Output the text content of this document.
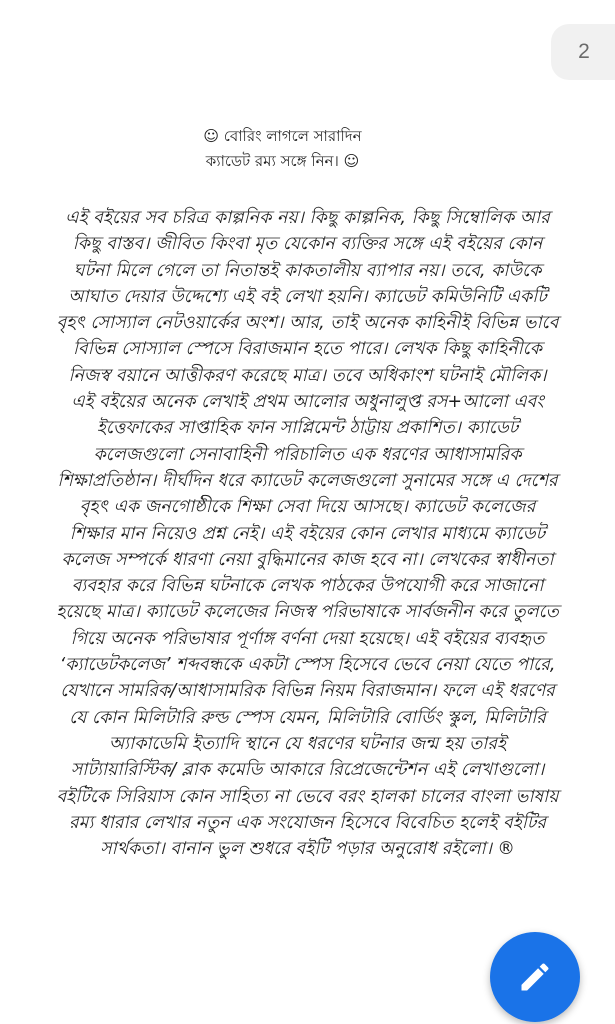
2
☺ বোরিং লাগলে সারাদিন
ক্যাডেট রম্য সঙ্গে নিন। ☺
এই বইয়ের সব চরিত্র কাল্পনিক নয়। কিছু কাল্পনিক, কিছু সিম্বোলিক আর
কিছু বাস্তব। জীবিত কিংবা মৃত যেকোন ব্যক্তির সঙ্গে এই বইয়ের কোন
ঘটনা মিলে গেলে তা নিতান্তই কাকতালীয় ব্যাপার নয়। তবে, কাউকে
আঘাত দেয়ার উদ্দেশ্যে এই বই লেখা হয়নি। ক্যাডেট কমিউনিটি একটি
বৃহৎ সোস্যাল নেটওয়ার্কের অংশ। আর, তাই অনেক কাহিনীই বিভিন্ন ভাবে
বিভিন্ন সোস্যাল স্পেসে বিরাজমান হতে পারে। লেখক কিছু কাহিনীকে
নিজস্ব বয়ানে আত্তীকরণ করেছে মাত্র। তবে অধিকাংশ ঘটনাই মৌলিক।
এই বইয়ের অনেক লেখাই প্রথম আলোর অধুনালুপ্ত রস+আলো এবং
ইত্তেফাকের সাপ্তাহিক ফান সাপ্লিমেন্ট ঠাট্টায় প্রকাশিত। ক্যাডেট
কলেজগুলো সেনাবাহিনী পরিচালিত এক ধরণের আধাসামরিক
শিক্ষাপ্রতিষ্ঠান। দীর্ঘদিন ধরে ক্যাডেট কলেজগুলো সুনামের সঙ্গে এ দেশের
বৃহৎ এক জনগোষ্ঠীকে শিক্ষা সেবা দিয়ে আসছে। ক্যাডেট কলেজের
শিক্ষার মান নিয়েও প্রশ্ন নেই। এই বইয়ের কোন লেখার মাধ্যমে ক্যাডেট
কলেজ সম্পর্কে ধারণা নেয়া বুদ্ধিমানের কাজ হবে না। লেখকের স্বাধীনতা
ব্যবহার করে বিভিন্ন ঘটনাকে লেখক পাঠকের উপযোগী করে সাজানো
হয়েছে মাত্র। ক্যাডেট কলেজের নিজস্ব পরিভাষাকে সার্বজনীন করে তুলতে
গিয়ে অনেক পরিভাষার পূর্ণাঙ্গ বর্ণনা দেয়া হয়েছে। এই বইয়ের ব্যবহৃত
‘ক্যাডেটকলেজ’ শব্দবন্ধকে একটা স্পেস হিসেবে ভেবে নেয়া যেতে পারে,
যেখানে সামরিক/আধাসামরিক বিভিন্ন নিয়ম বিরাজমান। ফলে এই ধরণের
যে কোন মিলিটারি রুল্ড স্পেস যেমন, মিলিটারি বোর্ডিং স্কুল, মিলিটারি
অ্যাকাডেমি ইত্যাদি স্থানে যে ধরণের ঘটনার জন্ম হয় তারই
সাট্যায়ারিস্টিক/ ব্লাক কমেডি আকারে রিপ্রেজেন্টেশন এই লেখাগুলো।
বইটিকে সিরিয়াস কোন সাহিত্য না ভেবে বরং হালকা চালের বাংলা ভাষায়
রম্য ধারার লেখার নতুন এক সংযোজন হিসেবে বিবেচিত হলেই বইটির
সার্থকতা। বানান ভুল শুধরে বইটি পড়ার অনুরোধ রইলো। ®
